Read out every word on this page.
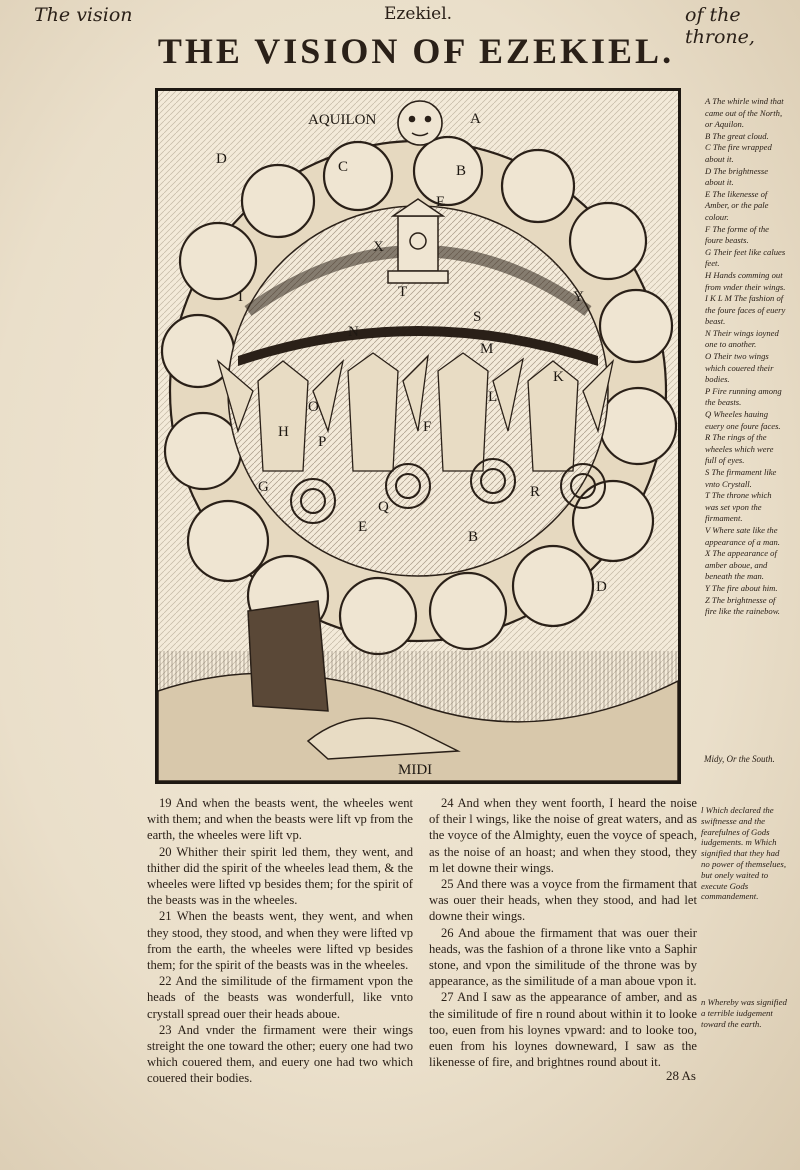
The vision	Ezekiel.	of the throne,
THE VISION OF EZEKIEL.
AQUILON
MIDI
A
B
C
D
E
X
Y
T
S
N
M
O
H
P
F
G
Q
R
L
I
K
B
E
D

A The whirle wind that came out of the North, or Aquilon.

B The great cloud.

C The fire wrapped about it.

D The brightnesse about it.

E The likenesse of Amber, or the pale colour.

F The forme of the foure beasts.

G Their feet like calues feet.

H Hands comming out from vnder their wings.

I K L M The fashion of the foure faces of euery beast.

N Their wings ioyned one to another.

O Their two wings which couered their bodies.

P Fire running among the beasts.

Q Wheeles hauing euery one foure faces.

R The rings of the wheeles which were full of eyes.

S The firmament like vnto Crystall.

T The throne which was set vpon the firmament.

V Where sate like the appearance of a man.

X The appearance of amber aboue, and beneath the man.

Y The fire about him.

Z The brightnesse of fire like the rainebow.

Midy, Or the South.

19 And when the beasts went, the wheeles went with them; and when the beasts were lift vp from the earth, the wheeles were lift vp.

20 Whither their spirit led them, they went, and thither did the spirit of the wheeles lead them, & the wheeles were lifted vp besides them; for the spirit of the beasts was in the wheeles.

21 When the beasts went, they went, and when they stood, they stood, and when they were lifted vp from the earth, the wheeles were lifted vp besides them; for the spirit of the beasts was in the wheeles.

22 And the similitude of the firmament vpon the heads of the beasts was wonderfull, like vnto crystall spread ouer their heads aboue.

23 And vnder the firmament were their wings streight the one toward the other; euery one had two which couered them, and euery one had two which couered their bodies.

24 And when they went foorth, I heard the noise of their l wings, like the noise of great waters, and as the voyce of the Almighty, euen the voyce of speach, as the noise of an hoast; and when they stood, they m let downe their wings.

25 And there was a voyce from the firmament that was ouer their heads, when they stood, and had let downe their wings.

26 And aboue the firmament that was ouer their heads, was the fashion of a throne like vnto a Saphir stone, and vpon the similitude of the throne was by appearance, as the similitude of a man aboue vpon it.

27 And I saw as the appearance of amber, and as the similitude of fire n round about within it to looke too, euen from his loynes vpward: and to looke too, euen from his loynes downeward, I saw as the likenesse of fire, and brightnes round about it.

l Which declared the swiftnesse and the fearefulnes of Gods iudgements. m Which signified that they had no power of themselues, but onely waited to execute Gods commandement.
n Whereby was signified a terrible iudgement toward the earth.
28 As
